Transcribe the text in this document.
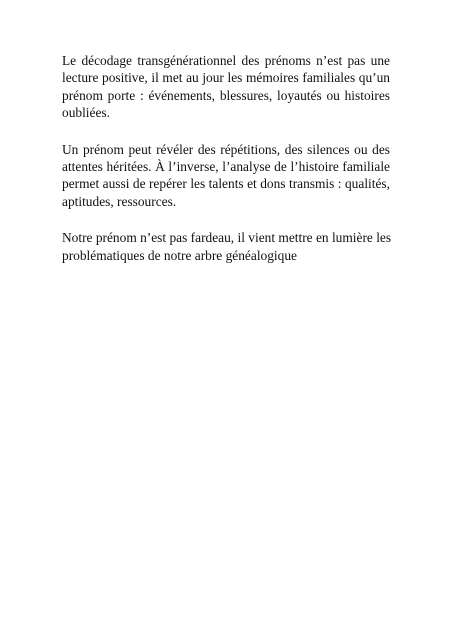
Le décodage transgénérationnel des prénoms n’est pas une
lecture positive, il met au jour les mémoires familiales qu’un
prénom porte : événements, blessures, loyautés ou histoires
oubliées.

Un prénom peut révéler des répétitions, des silences ou des
attentes héritées. À l’inverse, l’analyse de l’histoire familiale
permet aussi de repérer les talents et dons transmis : qualités,
aptitudes, ressources.

Notre prénom n’est pas fardeau, il vient mettre en lumière les
problématiques de notre arbre généalogique
